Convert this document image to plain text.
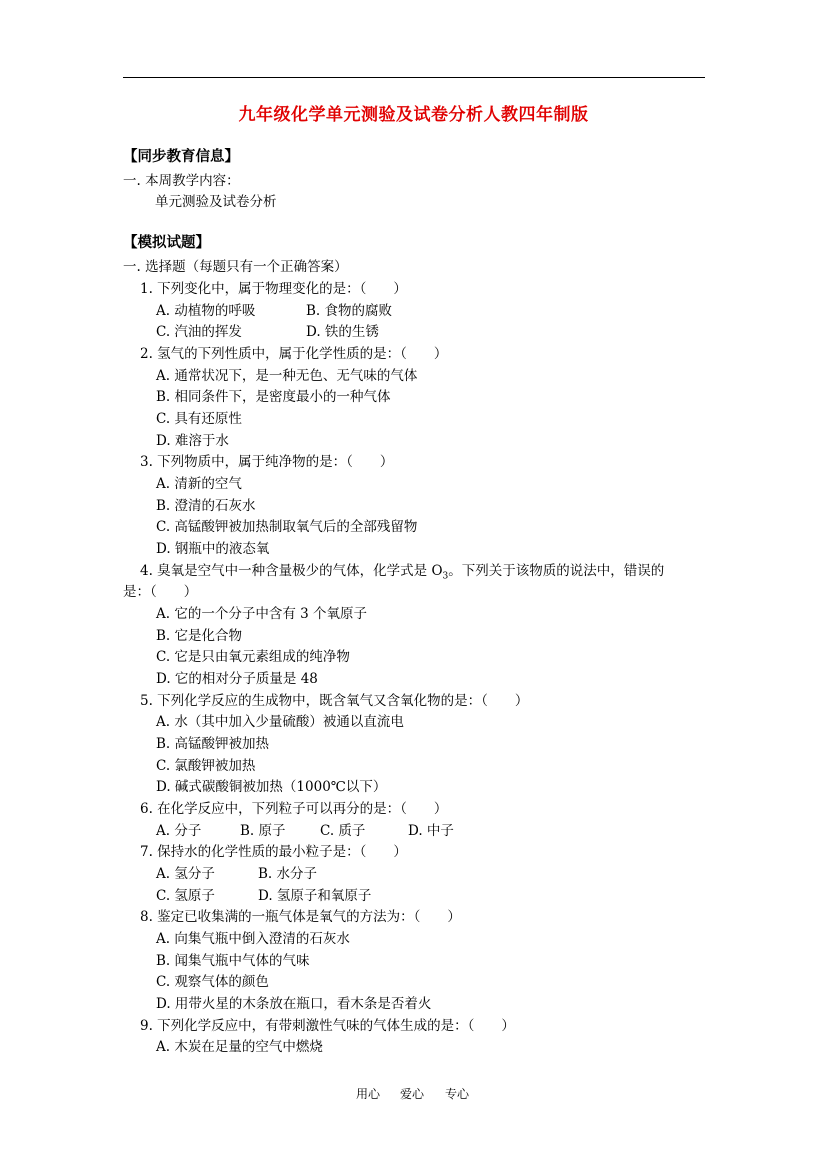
九年级化学单元测验及试卷分析人教四年制版
【同步教育信息】
一. 本周教学内容：
单元测验及试卷分析
【模拟试题】
一. 选择题（每题只有一个正确答案）
1. 下列变化中，属于物理变化的是：（　　）
A. 动植物的呼吸	B. 食物的腐败
C. 汽油的挥发	D. 铁的生锈
2. 氢气的下列性质中，属于化学性质的是：（　　）
A. 通常状况下，是一种无色、无气味的气体
B. 相同条件下，是密度最小的一种气体
C. 具有还原性
D. 难溶于水
3. 下列物质中，属于纯净物的是：（　　）
A. 清新的空气
B. 澄清的石灰水
C. 高锰酸钾被加热制取氧气后的全部残留物
D. 钢瓶中的液态氧
4. 臭氧是空气中一种含量极少的气体，化学式是 $O_3$。下列关于该物质的说法中，错误的
是：（　　）
A. 它的一个分子中含有 3 个氧原子
B. 它是化合物
C. 它是只由氧元素组成的纯净物
D. 它的相对分子质量是 48
5. 下列化学反应的生成物中，既含氧气又含氧化物的是：（　　）
A. 水（其中加入少量硫酸）被通以直流电
B. 高锰酸钾被加热
C. 氯酸钾被加热
D. 碱式碳酸铜被加热（1000℃以下）
6. 在化学反应中，下列粒子可以再分的是：（　　）
A. 分子	B. 原子	C. 质子	D. 中子
7. 保持水的化学性质的最小粒子是：（　　）
A. 氢分子	B. 水分子
C. 氢原子	D. 氢原子和氧原子
8. 鉴定已收集满的一瓶气体是氧气的方法为：（　　）
A. 向集气瓶中倒入澄清的石灰水
B. 闻集气瓶中气体的气味
C. 观察气体的颜色
D. 用带火星的木条放在瓶口，看木条是否着火
9. 下列化学反应中，有带刺激性气味的气体生成的是：（　　）
A. 木炭在足量的空气中燃烧
用心 爱心 专心
